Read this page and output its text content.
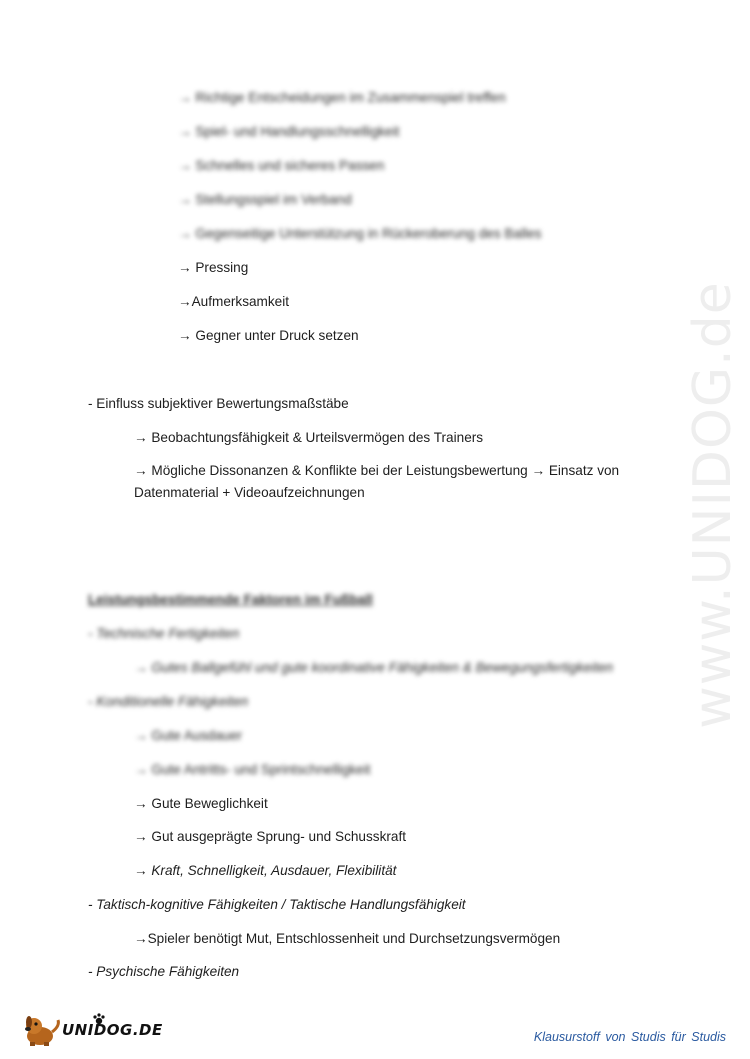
www.UNIDOG.de
→ Richtige Entscheidungen im Zusammenspiel treffen
→ Spiel- und Handlungsschnelligkeit
→ Schnelles und sicheres Passen
→ Stellungsspiel im Verband
→ Gegenseitige Unterstützung in Rückeroberung des Balles
→ Pressing
→Aufmerksamkeit
→ Gegner unter Druck setzen
- Einfluss subjektiver Bewertungsmaßstäbe
→ Beobachtungsfähigkeit & Urteilsvermögen des Trainers
→ Mögliche Dissonanzen & Konflikte bei der Leistungsbewertung → Einsatz von
Datenmaterial + Videoaufzeichnungen
Leistungsbestimmende Faktoren im Fußball
- Technische Fertigkeiten
→ Gutes Ballgefühl und gute koordinative Fähigkeiten & Bewegungsfertigkeiten
- Konditionelle Fähigkeiten
→ Gute Ausdauer
→ Gute Antritts- und Sprintschnelligkeit
→ Gute Beweglichkeit
→ Gut ausgeprägte Sprung- und Schusskraft
→ Kraft, Schnelligkeit, Ausdauer, Flexibilität
- Taktisch-kognitive Fähigkeiten / Taktische Handlungsfähigkeit
→Spieler benötigt Mut, Entschlossenheit und Durchsetzungsvermögen
- Psychische Fähigkeiten
UNIDOG.DE	Klausurstoff von Studis für Studis
